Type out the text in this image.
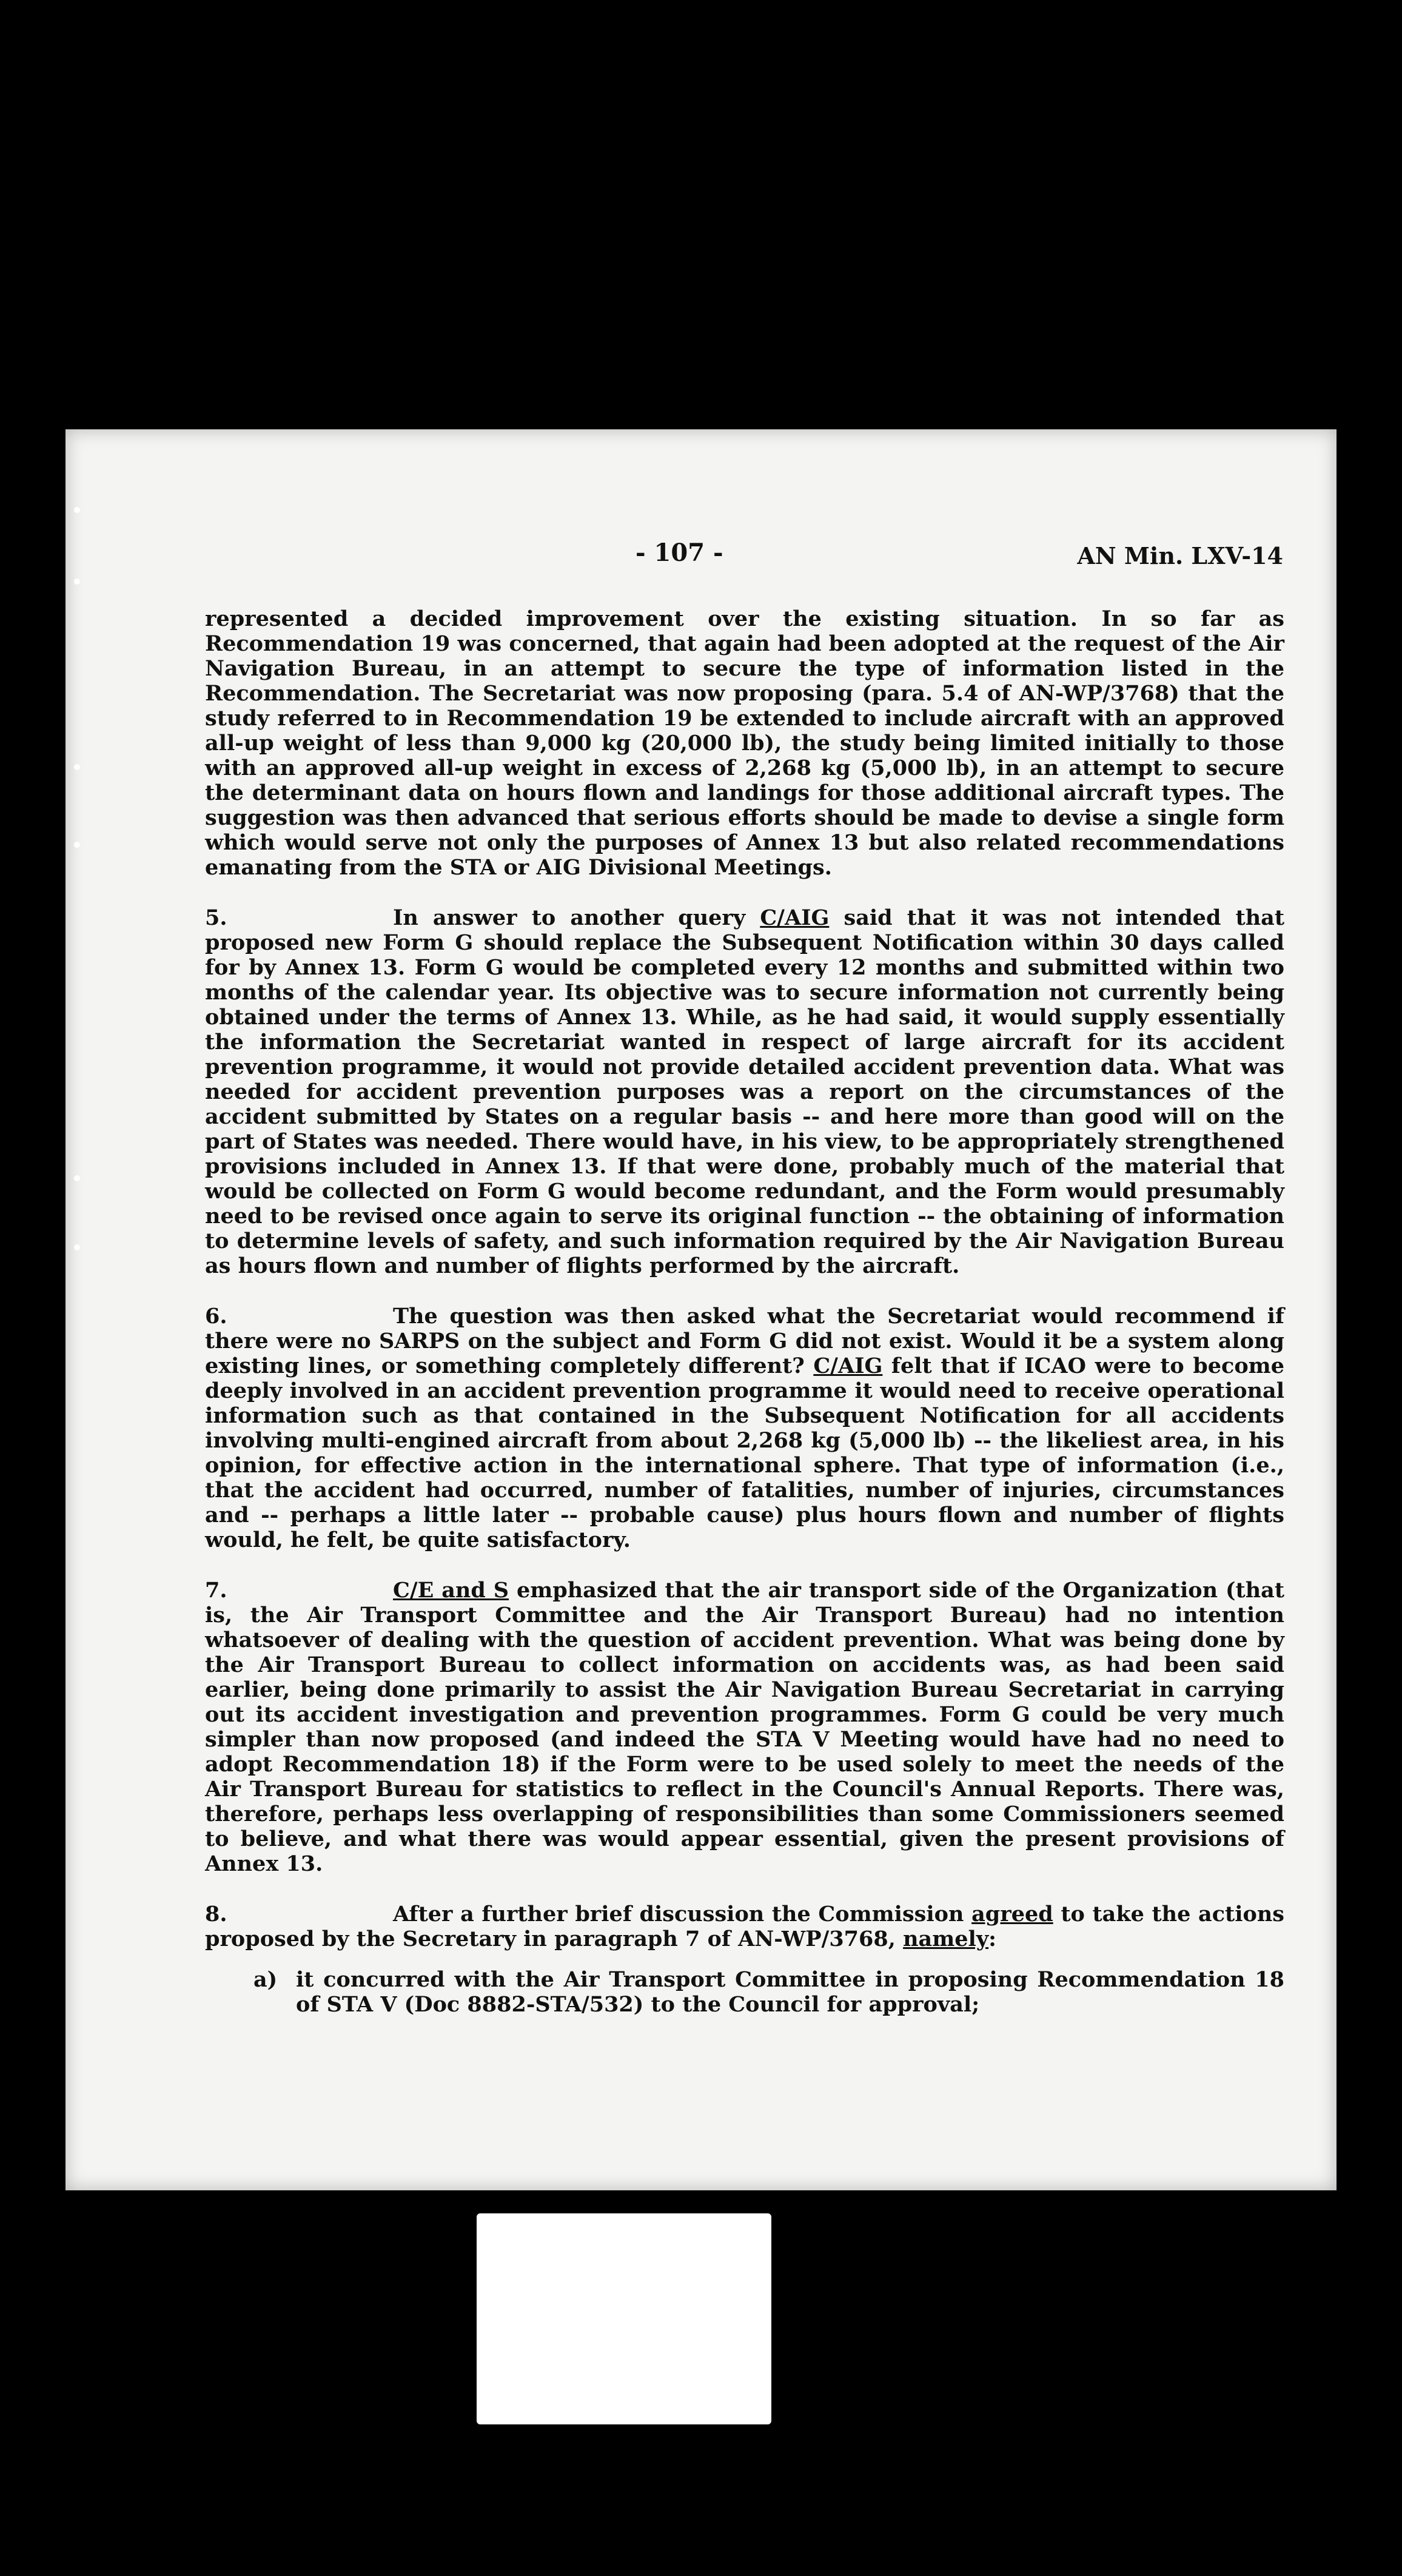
- 107 -	AN Min. LXV-14

represented a decided improvement over the existing situation. In so far as Recommendation 19 was concerned, that again had been adopted at the request of the Air Navigation Bureau, in an attempt to secure the type of information listed in the Recommendation. The Secretariat was now proposing (para. 5.4 of AN-WP/3768) that the study referred to in Recommendation 19 be extended to include aircraft with an approved all-up weight of less than 9,000 kg (20,000 lb), the study being limited initially to those with an approved all-up weight in excess of 2,268 kg (5,000 lb), in an attempt to secure the determinant data on hours flown and landings for those additional aircraft types. The suggestion was then advanced that serious efforts should be made to devise a single form which would serve not only the purposes of Annex 13 but also related recommendations emanating from the STA or AIG Divisional Meetings.

5.	In answer to another query C/AIG said that it was not intended that proposed new Form G should replace the Subsequent Notification within 30 days called for by Annex 13. Form G would be completed every 12 months and submitted within two months of the calendar year. Its objective was to secure information not currently being obtained under the terms of Annex 13. While, as he had said, it would supply essentially the information the Secretariat wanted in respect of large aircraft for its accident prevention programme, it would not provide detailed accident prevention data. What was needed for accident prevention purposes was a report on the circumstances of the accident submitted by States on a regular basis -- and here more than good will on the part of States was needed. There would have, in his view, to be appropriately strengthened provisions included in Annex 13. If that were done, probably much of the material that would be collected on Form G would become redundant, and the Form would presumably need to be revised once again to serve its original function -- the obtaining of information to determine levels of safety, and such information required by the Air Navigation Bureau as hours flown and number of flights performed by the aircraft.

6.	The question was then asked what the Secretariat would recommend if there were no SARPS on the subject and Form G did not exist. Would it be a system along existing lines, or something completely different? C/AIG felt that if ICAO were to become deeply involved in an accident prevention programme it would need to receive operational information such as that contained in the Subsequent Notification for all accidents involving multi-engined aircraft from about 2,268 kg (5,000 lb) -- the likeliest area, in his opinion, for effective action in the international sphere. That type of information (i.e., that the accident had occurred, number of fatalities, number of injuries, circumstances and -- perhaps a little later -- probable cause) plus hours flown and number of flights would, he felt, be quite satisfactory.

7.	C/E and S emphasized that the air transport side of the Organization (that is, the Air Transport Committee and the Air Transport Bureau) had no intention whatsoever of dealing with the question of accident prevention. What was being done by the Air Transport Bureau to collect information on accidents was, as had been said earlier, being done primarily to assist the Air Navigation Bureau Secretariat in carrying out its accident investigation and prevention programmes. Form G could be very much simpler than now proposed (and indeed the STA V Meeting would have had no need to adopt Recommendation 18) if the Form were to be used solely to meet the needs of the Air Transport Bureau for statistics to reflect in the Council's Annual Reports. There was, therefore, perhaps less overlapping of responsibilities than some Commissioners seemed to believe, and what there was would appear essential, given the present provisions of Annex 13.

8.	After a further brief discussion the Commission agreed to take the actions proposed by the Secretary in paragraph 7 of AN-WP/3768, namely:

a) it concurred with the Air Transport Committee in proposing Recommendation 18 of STA V (Doc 8882-STA/532) to the Council for approval;
